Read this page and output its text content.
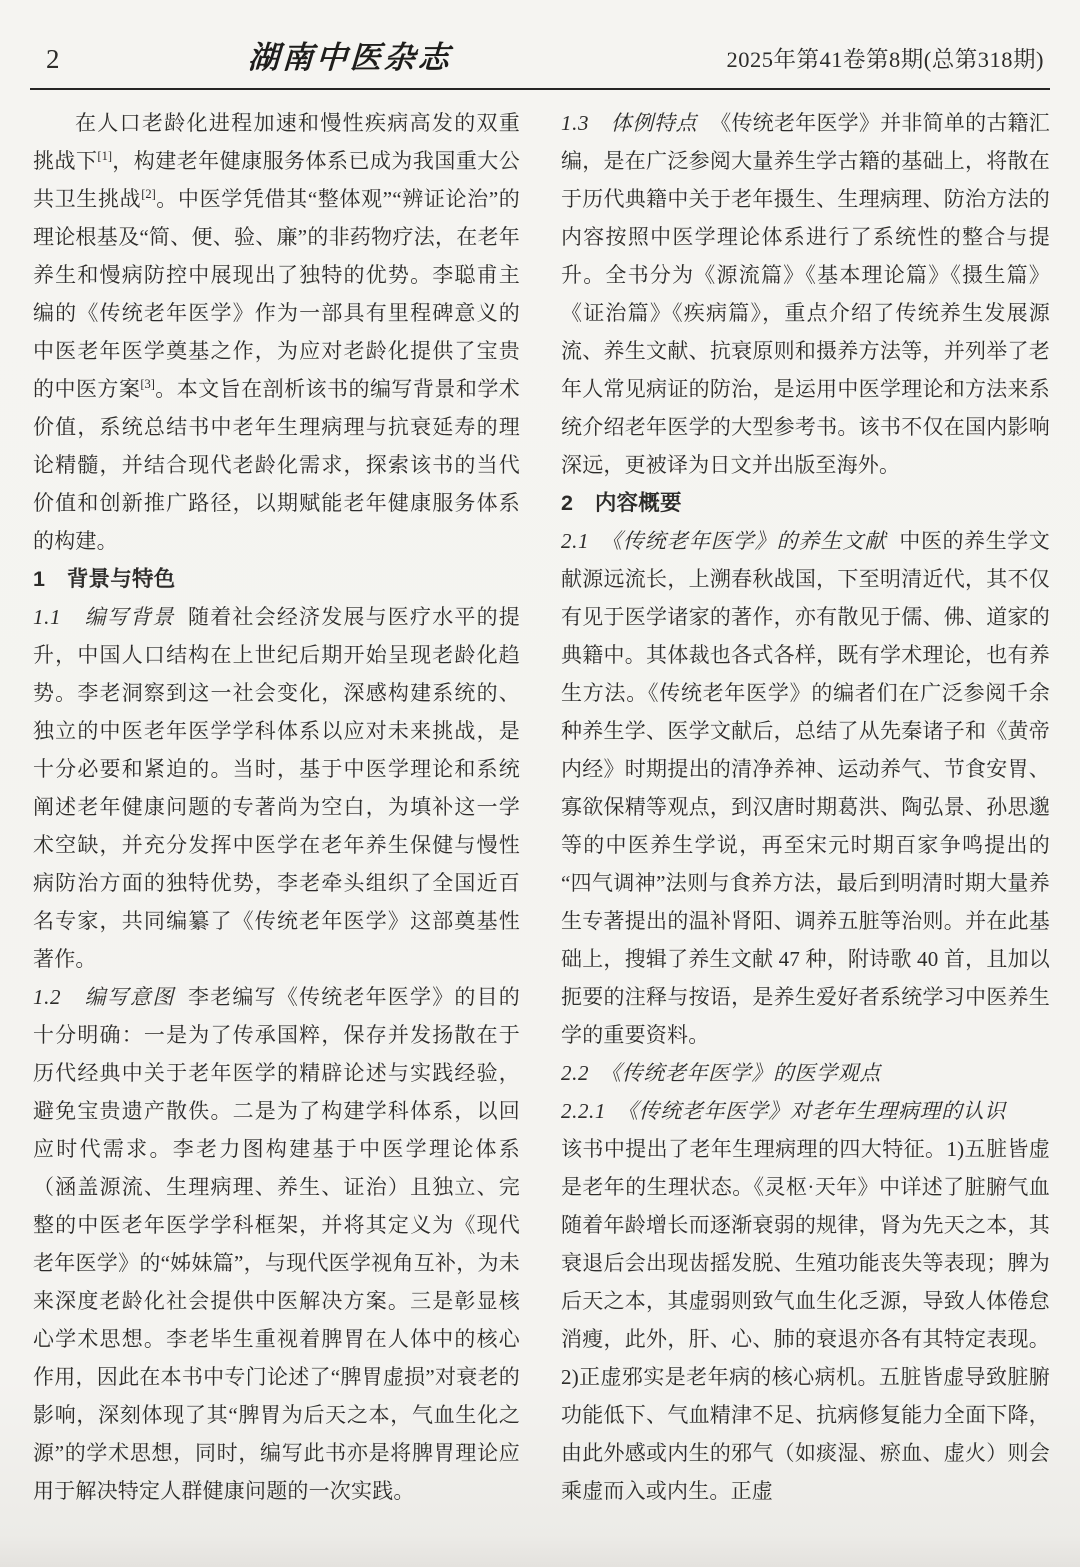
2	湖南中医杂志	2025年第41卷第8期(总第318期)

在人口老龄化进程加速和慢性疾病高发的双重挑战下[1]，构建老年健康服务体系已成为我国重大公共卫生挑战[2]。中医学凭借其“整体观”“辨证论治”的理论根基及“简、便、验、廉”的非药物疗法，在老年养生和慢病防控中展现出了独特的优势。李聪甫主编的《传统老年医学》作为一部具有里程碑意义的中医老年医学奠基之作，为应对老龄化提供了宝贵的中医方案[3]。本文旨在剖析该书的编写背景和学术价值，系统总结书中老年生理病理与抗衰延寿的理论精髓，并结合现代老龄化需求，探索该书的当代价值和创新推广路径，以期赋能老年健康服务体系的构建。

1　背景与特色

1.1　编写背景 随着社会经济发展与医疗水平的提升，中国人口结构在上世纪后期开始呈现老龄化趋势。李老洞察到这一社会变化，深感构建系统的、独立的中医老年医学学科体系以应对未来挑战，是十分必要和紧迫的。当时，基于中医学理论和系统阐述老年健康问题的专著尚为空白，为填补这一学术空缺，并充分发挥中医学在老年养生保健与慢性病防治方面的独特优势，李老牵头组织了全国近百名专家，共同编纂了《传统老年医学》这部奠基性著作。

1.2　编写意图 李老编写《传统老年医学》的目的十分明确：一是为了传承国粹，保存并发扬散在于历代经典中关于老年医学的精辟论述与实践经验，避免宝贵遗产散佚。二是为了构建学科体系，以回应时代需求。李老力图构建基于中医学理论体系（涵盖源流、生理病理、养生、证治）且独立、完整的中医老年医学学科框架，并将其定义为《现代老年医学》的“姊妹篇”，与现代医学视角互补，为未来深度老龄化社会提供中医解决方案。三是彰显核心学术思想。李老毕生重视着脾胃在人体中的核心作用，因此在本书中专门论述了“脾胃虚损”对衰老的影响，深刻体现了其“脾胃为后天之本，气血生化之源”的学术思想，同时，编写此书亦是将脾胃理论应用于解决特定人群健康问题的一次实践。

1.3　体例特点 《传统老年医学》并非简单的古籍汇编，是在广泛参阅大量养生学古籍的基础上，将散在于历代典籍中关于老年摄生、生理病理、防治方法的内容按照中医学理论体系进行了系统性的整合与提升。全书分为《源流篇》《基本理论篇》《摄生篇》《证治篇》《疾病篇》，重点介绍了传统养生发展源流、养生文献、抗衰原则和摄养方法等，并列举了老年人常见病证的防治，是运用中医学理论和方法来系统介绍老年医学的大型参考书。该书不仅在国内影响深远，更被译为日文并出版至海外。

2　内容概要

2.1　《传统老年医学》的养生文献 中医的养生学文献源远流长，上溯春秋战国，下至明清近代，其不仅有见于医学诸家的著作，亦有散见于儒、佛、道家的典籍中。其体裁也各式各样，既有学术理论，也有养生方法。《传统老年医学》的编者们在广泛参阅千余种养生学、医学文献后，总结了从先秦诸子和《黄帝内经》时期提出的清净养神、运动养气、节食安胃、寡欲保精等观点，到汉唐时期葛洪、陶弘景、孙思邈等的中医养生学说，再至宋元时期百家争鸣提出的“四气调神”法则与食养方法，最后到明清时期大量养生专著提出的温补肾阳、调养五脏等治则。并在此基础上，搜辑了养生文献 47 种，附诗歌 40 首，且加以扼要的注释与按语，是养生爱好者系统学习中医养生学的重要资料。

2.2　《传统老年医学》的医学观点

2.2.1　《传统老年医学》对老年生理病理的认识

该书中提出了老年生理病理的四大特征。1)五脏皆虚是老年的生理状态。《灵枢·天年》中详述了脏腑气血随着年龄增长而逐渐衰弱的规律，肾为先天之本，其衰退后会出现齿摇发脱、生殖功能丧失等表现；脾为后天之本，其虚弱则致气血生化乏源，导致人体倦怠消瘦，此外，肝、心、肺的衰退亦各有其特定表现。2)正虚邪实是老年病的核心病机。五脏皆虚导致脏腑功能低下、气血精津不足、抗病修复能力全面下降，由此外感或内生的邪气（如痰湿、瘀血、虚火）则会乘虚而入或内生。正虚
